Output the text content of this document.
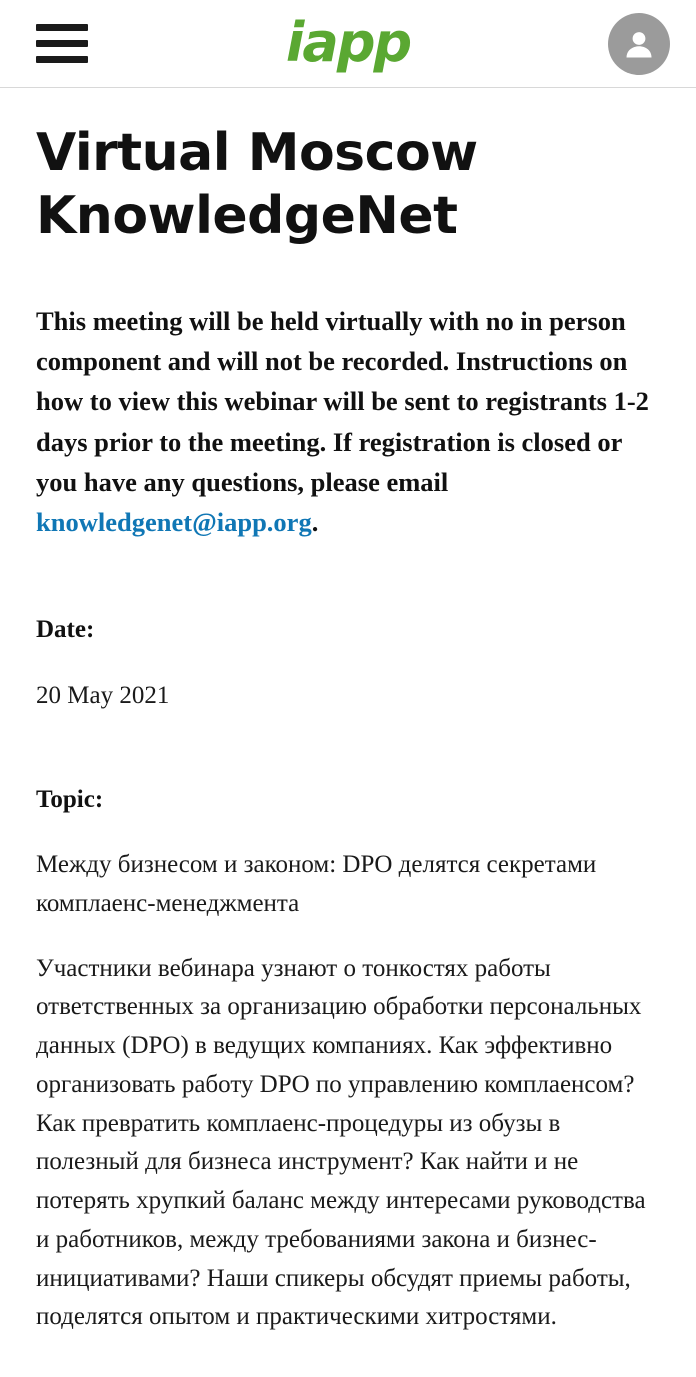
iapp
Virtual Moscow KnowledgeNet

This meeting will be held virtually with no in person component and will not be recorded. Instructions on how to view this webinar will be sent to registrants 1-2 days prior to the meeting. If registration is closed or you have any questions, please email knowledgenet@iapp.org.

Date:

20 May 2021

Topic:

Между бизнесом и законом: DPO делятся секретами комплаенс-менеджмента

Участники вебинара узнают о тонкостях работы ответственных за организацию обработки персональных данных (DPO) в ведущих компаниях. Как эффективно организовать работу DPO по управлению комплаенсом? Как превратить комплаенс-процедуры из обузы в полезный для бизнеса инструмент? Как найти и не потерять хрупкий баланс между интересами руководства и работников, между требованиями закона и бизнес-инициативами? Наши спикеры обсудят приемы работы, поделятся опытом и практическими хитростями.
